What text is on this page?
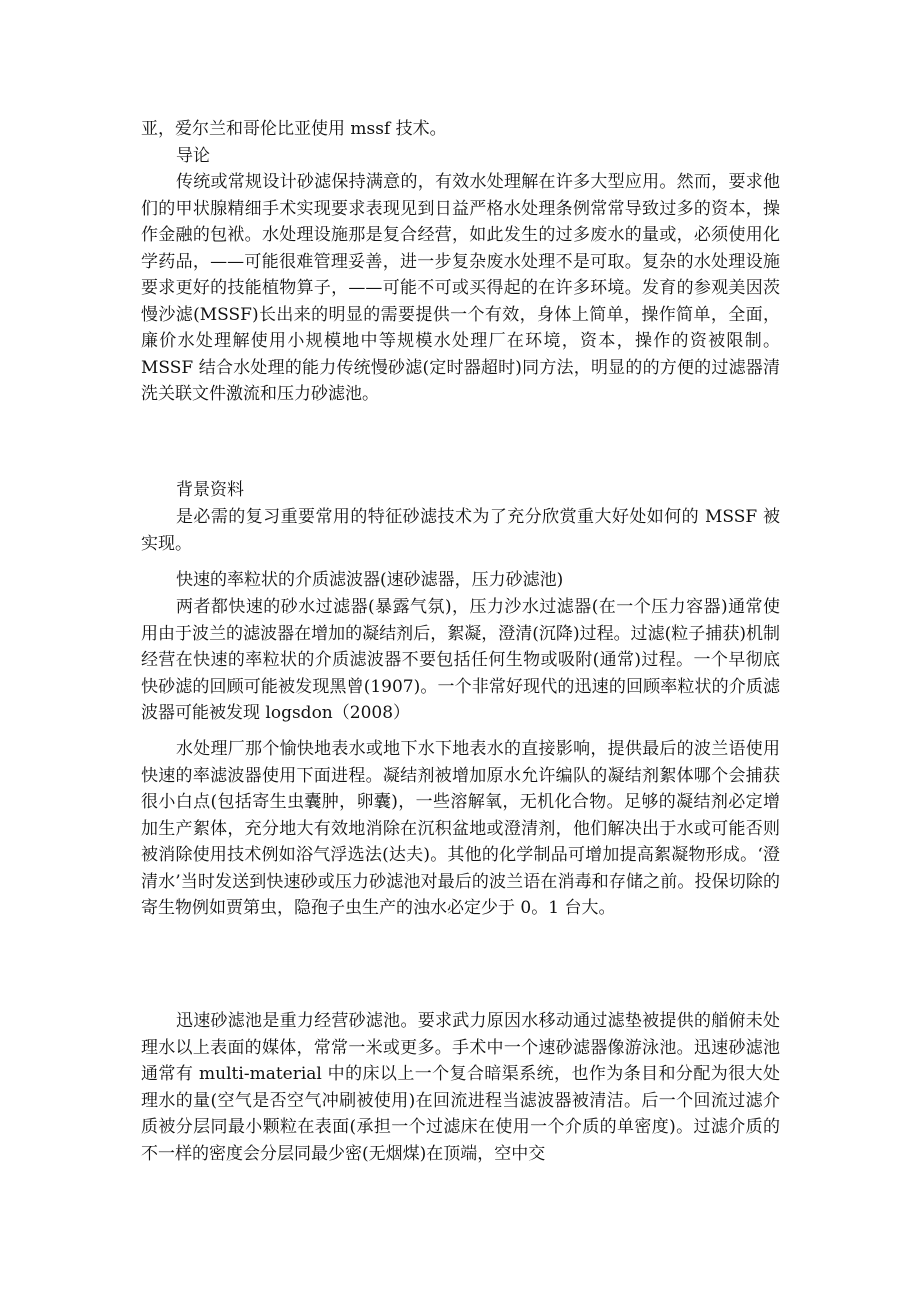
亚，爱尔兰和哥伦比亚使用 mssf 技术。

导论

传统或常规设计砂滤保持满意的，有效水处理解在许多大型应用。然而，要求他们的甲状腺精细手术实现要求表现见到日益严格水处理条例常常导致过多的资本，操作金融的包袱。水处理设施那是复合经营，如此发生的过多废水的量或，必须使用化学药品，——可能很难管理妥善，进一步复杂废水处理不是可取。复杂的水处理设施要求更好的技能植物算子，——可能不可或买得起的在许多环境。发育的参观美因茨慢沙滤(MSSF)长出来的明显的需要提供一个有效，身体上简单，操作简单，全面，廉价水处理解使用小规模地中等规模水处理厂在环境，资本，操作的资被限制。MSSF 结合水处理的能力传统慢砂滤(定时器超时)同方法，明显的的方便的过滤器清洗关联文件激流和压力砂滤池。

背景资料

是必需的复习重要常用的特征砂滤技术为了充分欣赏重大好处如何的 MSSF 被实现。

快速的率粒状的介质滤波器(速砂滤器，压力砂滤池)

两者都快速的砂水过滤器(暴露气氛)，压力沙水过滤器(在一个压力容器)通常使用由于波兰的滤波器在增加的凝结剂后，絮凝，澄清(沉降)过程。过滤(粒子捕获)机制经营在快速的率粒状的介质滤波器不要包括任何生物或吸附(通常)过程。一个早彻底快砂滤的回顾可能被发现黑曾(1907)。一个非常好现代的迅速的回顾率粒状的介质滤波器可能被发现 logsdon（2008）

水处理厂那个愉快地表水或地下水下地表水的直接影响，提供最后的波兰语使用快速的率滤波器使用下面进程。凝结剂被增加原水允许编队的凝结剂絮体哪个会捕获很小白点(包括寄生虫囊肿，卵囊)，一些溶解氧，无机化合物。足够的凝结剂必定增加生产絮体，充分地大有效地消除在沉积盆地或澄清剂，他们解决出于水或可能否则被消除使用技术例如浴气浮选法(达夫)。其他的化学制品可增加提高絮凝物形成。‘澄清水’当时发送到快速砂或压力砂滤池对最后的波兰语在消毒和存储之前。投保切除的寄生物例如贾第虫，隐孢子虫生产的浊水必定少于 0。1 台大。

迅速砂滤池是重力经营砂滤池。要求武力原因水移动通过滤垫被提供的艏俯未处理水以上表面的媒体，常常一米或更多。手术中一个速砂滤器像游泳池。迅速砂滤池通常有 multi-material 中的床以上一个复合暗渠系统，也作为条目和分配为很大处理水的量(空气是否空气冲刷被使用)在回流进程当滤波器被清洁。后一个回流过滤介质被分层同最小颗粒在表面(承担一个过滤床在使用一个介质的单密度)。过滤介质的不一样的密度会分层同最少密(无烟煤)在顶端，空中交
